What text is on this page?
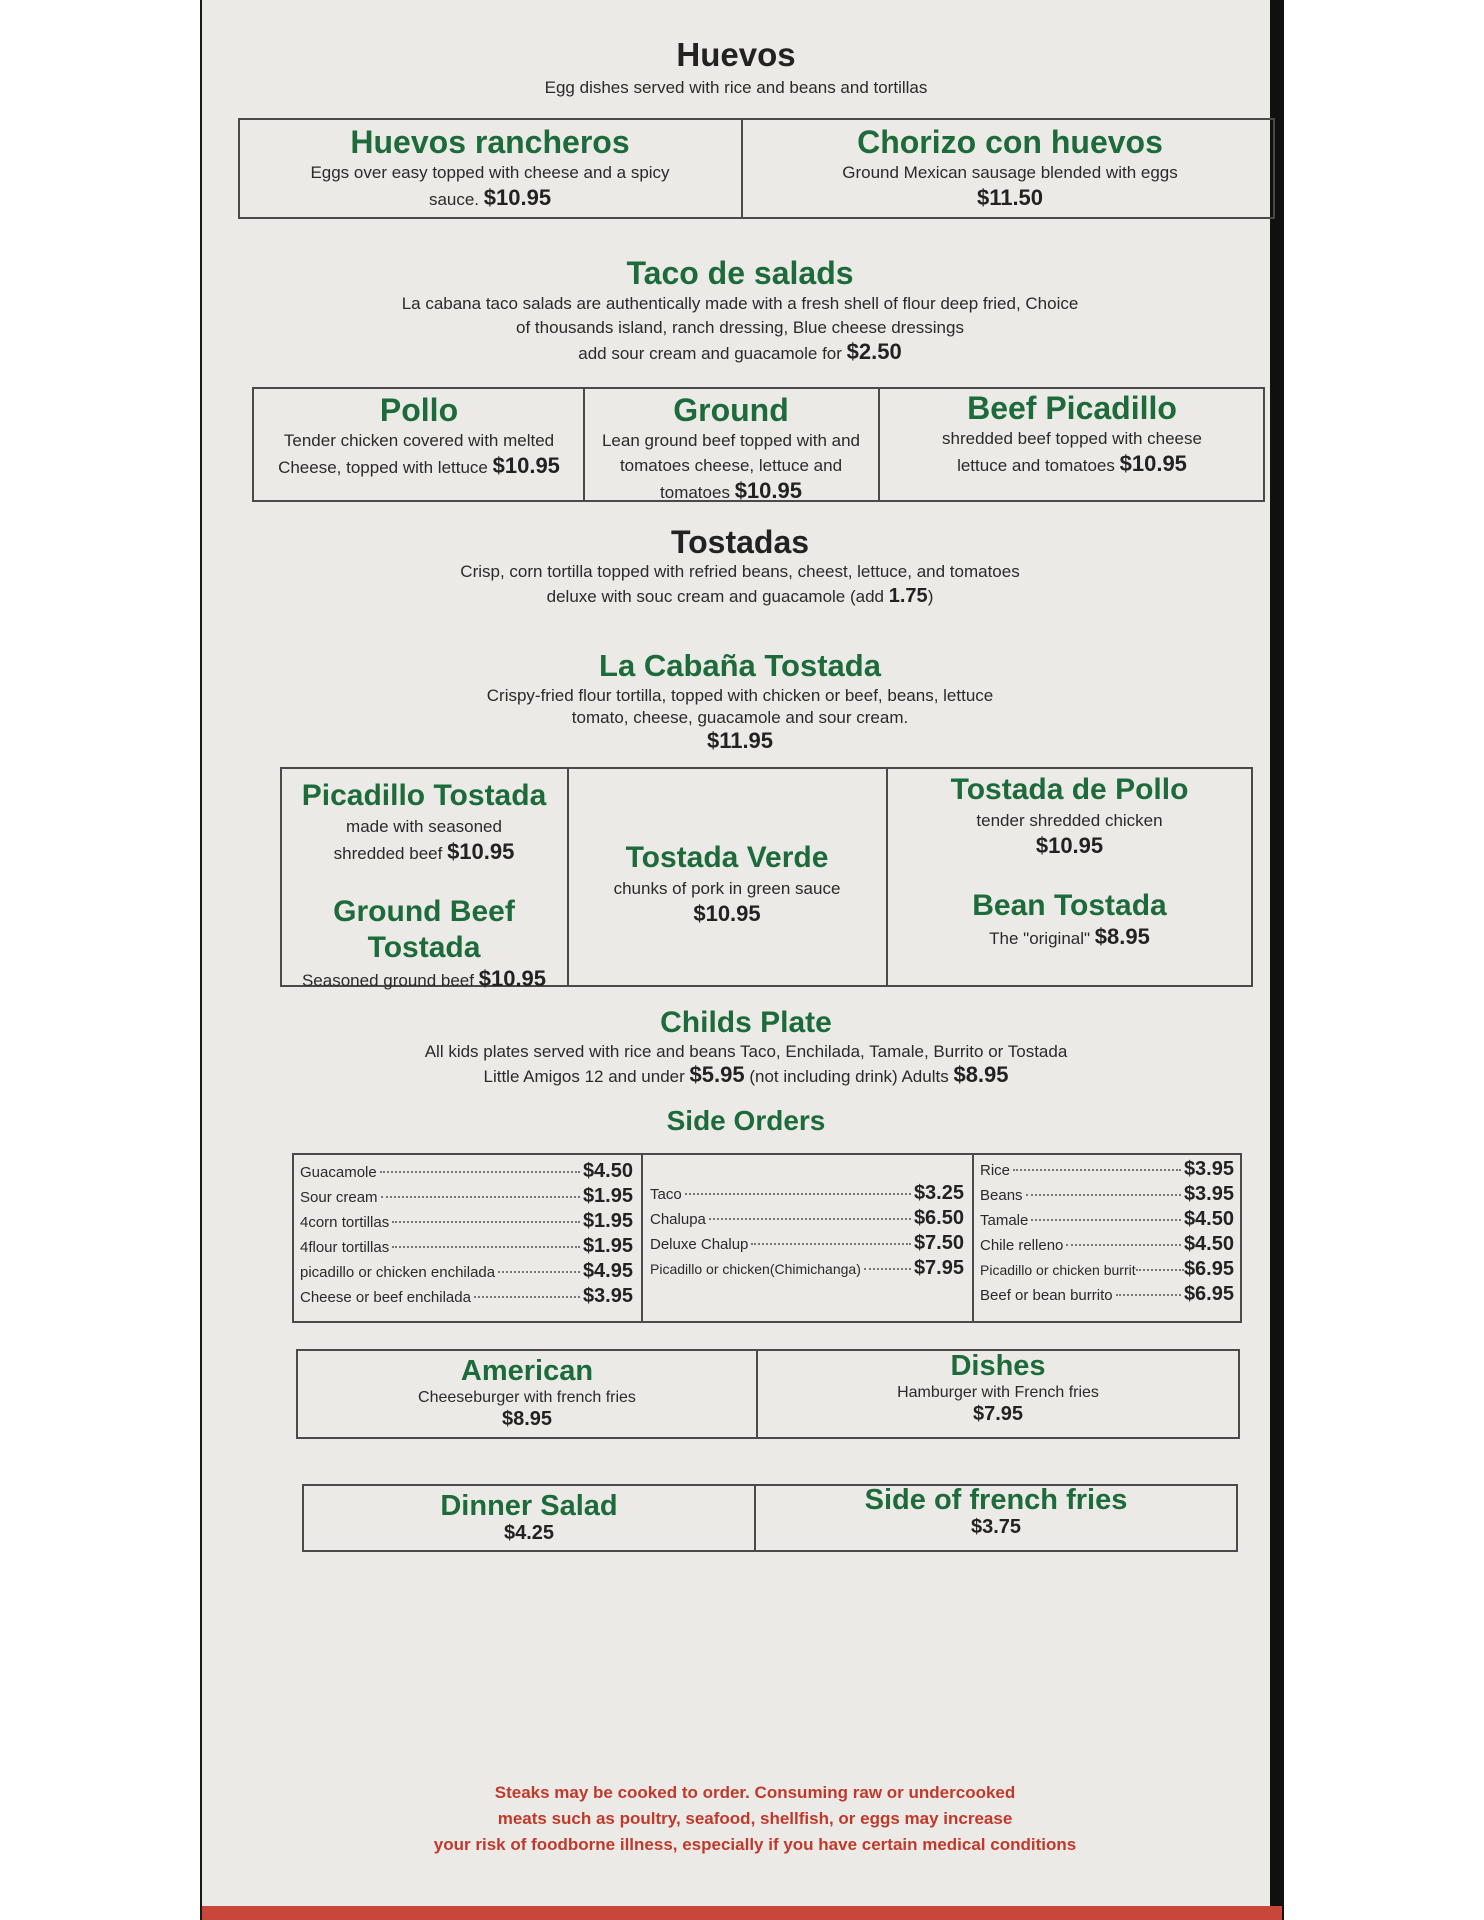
Huevos
Egg dishes served with rice and beans and tortillas
Huevos rancheros
Eggs over easy topped with cheese and a spicy sauce. $10.95
Chorizo con huevos
Ground Mexican sausage blended with eggs $11.50
Taco de salads
La cabana taco salads are authentically made with a fresh shell of flour deep fried, Choice
of thousands island, ranch dressing, Blue cheese dressings
add sour cream and guacamole for $2.50
Pollo
Tender chicken covered with melted Cheese, topped with lettuce $10.95
Ground
Lean ground beef topped with and tomatoes cheese, lettuce and tomatoes $10.95
Beef Picadillo
shredded beef topped with cheese lettuce and tomatoes $10.95
Tostadas
Crisp, corn tortilla topped with refried beans, cheest, lettuce, and tomatoes
deluxe with souc cream and guacamole (add 1.75)
La Cabaña Tostada
Crispy-fried flour tortilla, topped with chicken or beef, beans, lettuce
tomato, cheese, guacamole and sour cream.
$11.95
Picadillo Tostada
made with seasoned shredded beef $10.95
Ground Beef
Tostada
Seasoned ground beef $10.95
Tostada Verde
chunks of pork in green sauce
$10.95
Tostada de Pollo
tender shredded chicken
$10.95
Bean Tostada
The "original" $8.95
Childs Plate
All kids plates served with rice and beans Taco, Enchilada, Tamale, Burrito or Tostada
Little Amigos 12 and under $5.95 (not including drink) Adults $8.95
Side Orders
Guacamole	$4.50
Sour cream	$1.95
4corn tortillas	$1.95
4flour tortillas	$1.95
picadillo or chicken enchilada	$4.95
Cheese or beef enchilada	$3.95
Taco	$3.25
Chalupa	$6.50
Deluxe Chalup	$7.50
Picadillo or chicken(Chimichanga)	$7.95
Rice	$3.95
Beans	$3.95
Tamale	$4.50
Chile relleno	$4.50
Picadillo or chicken burrit $6.95
Beef or bean burrito	$6.95
American
Cheeseburger with french fries
$8.95
Dishes
Hamburger with French fries
$7.95
Dinner Salad
$4.25
Side of french fries
$3.75
Steaks may be cooked to order. Consuming raw or undercooked
meats such as poultry, seafood, shellfish, or eggs may increase
your risk of foodborne illness, especially if you have certain medical conditions
